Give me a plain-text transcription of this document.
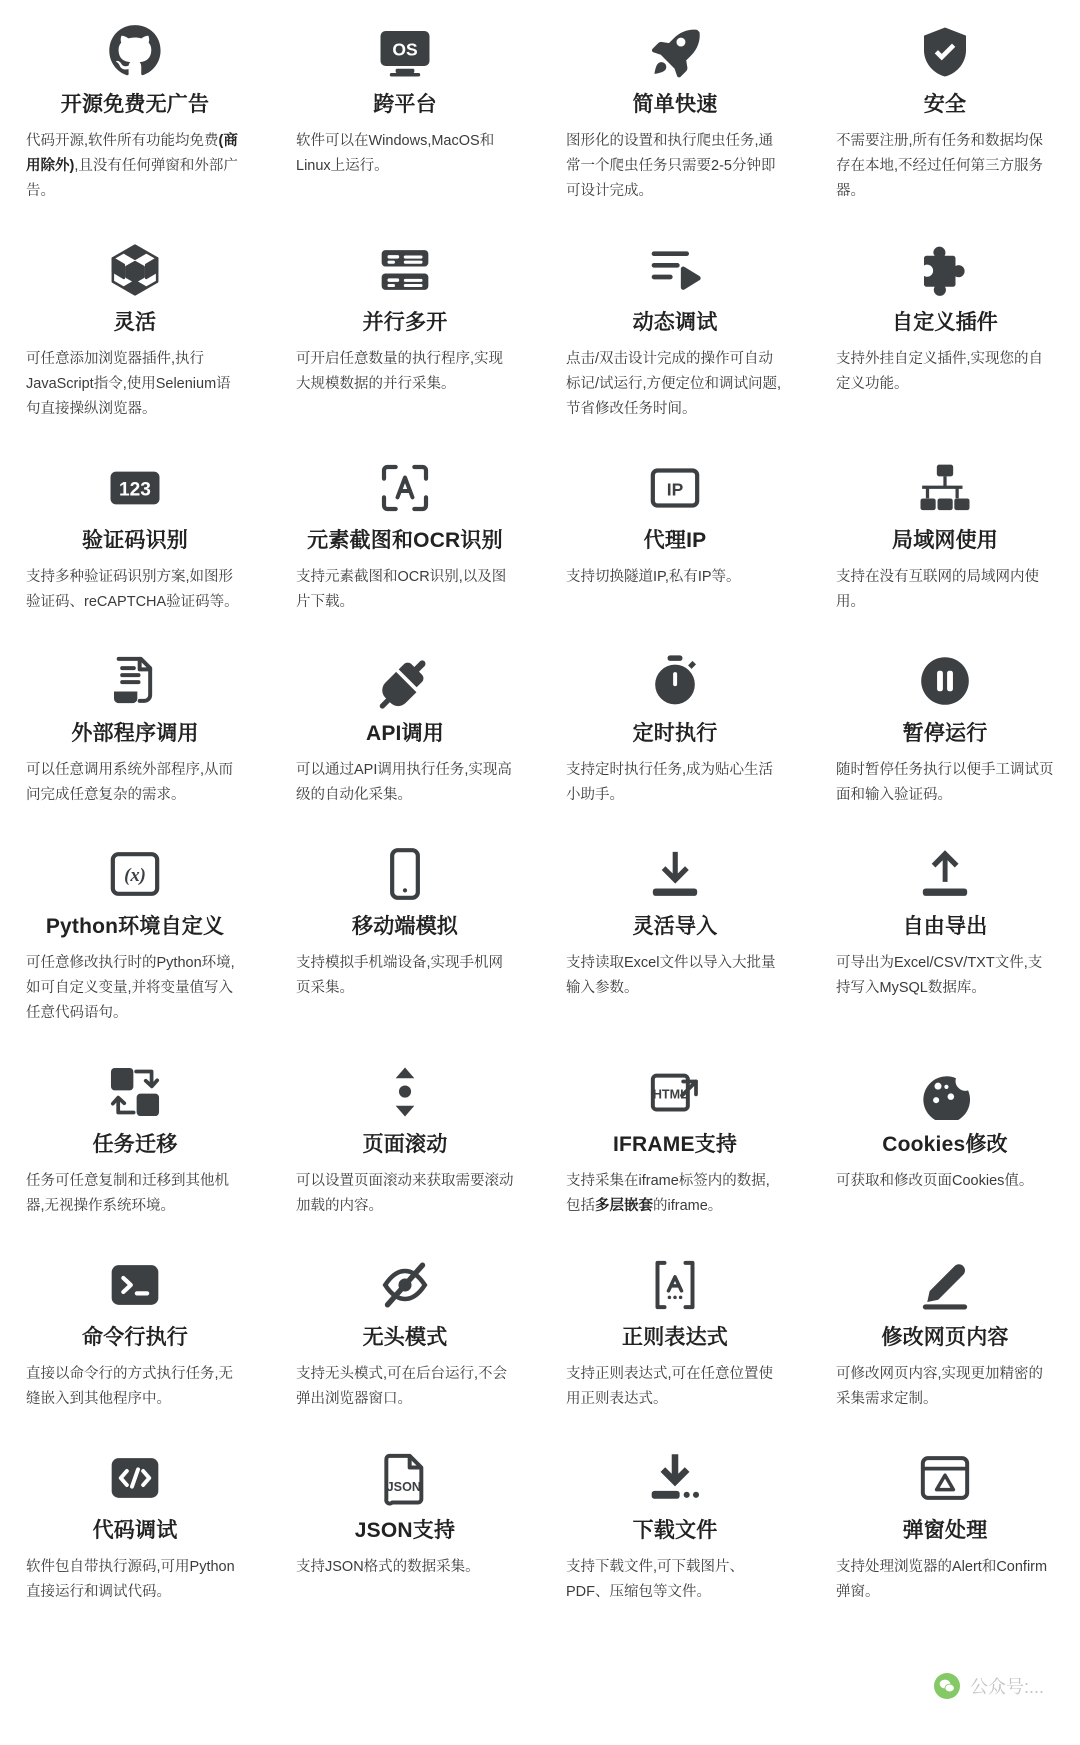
开源免费无广告
代码开源,软件所有功能均免费(商用除外),且没有任何弹窗和外部广告。
OS
跨平台
软件可以在Windows,MacOS和Linux上运行。
简单快速
图形化的设置和执行爬虫任务,通常一个爬虫任务只需要2-5分钟即可设计完成。
安全
不需要注册,所有任务和数据均保存在本地,不经过任何第三方服务器。
灵活
可任意添加浏览器插件,执行JavaScript指令,使用Selenium语句直接操纵浏览器。
并行多开
可开启任意数量的执行程序,实现大规模数据的并行采集。
动态调试
点击/双击设计完成的操作可自动标记/试运行,方便定位和调试问题,节省修改任务时间。
自定义插件
支持外挂自定义插件,实现您的自定义功能。
123
验证码识别
支持多种验证码识别方案,如图形验证码、reCAPTCHA验证码等。
元素截图和OCR识别
支持元素截图和OCR识别,以及图片下载。
IP
代理IP
支持切换隧道IP,私有IP等。
局域网使用
支持在没有互联网的局域网内使用。
外部程序调用
可以任意调用系统外部程序,从而问完成任意复杂的需求。
API调用
可以通过API调用执行任务,实现高级的自动化采集。
定时执行
支持定时执行任务,成为贴心生活小助手。
暂停运行
随时暂停任务执行以便手工调试页面和输入验证码。
(x)
Python环境自定义
可任意修改执行时的Python环境,如可自定义变量,并将变量值写入任意代码语句。
移动端模拟
支持模拟手机端设备,实现手机网页采集。
灵活导入
支持读取Excel文件以导入大批量输入参数。
自由导出
可导出为Excel/CSV/TXT文件,支持写入MySQL数据库。
任务迁移
任务可任意复制和迁移到其他机器,无视操作系统环境。
页面滚动
可以设置页面滚动来获取需要滚动加载的内容。
HTML
IFRAME支持
支持采集在iframe标签内的数据,包括多层嵌套的iframe。
Cookies修改
可获取和修改页面Cookies值。
命令行执行
直接以命令行的方式执行任务,无缝嵌入到其他程序中。
无头模式
支持无头模式,可在后台运行,不会弹出浏览器窗口。
正则表达式
支持正则表达式,可在任意位置使用正则表达式。
修改网页内容
可修改网页内容,实现更加精密的采集需求定制。
代码调试
软件包自带执行源码,可用Python直接运行和调试代码。
JSON
JSON支持
支持JSON格式的数据采集。
下载文件
支持下载文件,可下载图片、PDF、压缩包等文件。
弹窗处理
支持处理浏览器的Alert和Confirm弹窗。
公众号:...
